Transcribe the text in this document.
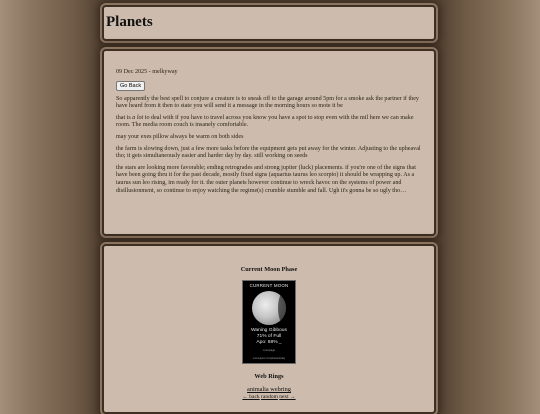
Planets

09 Dec 2025 - melkyway

Go Back

So apparently the best spell to conjure a creature is to sneak off to the garage around 5pm for a smoke ask the partner if they have heard from it then to state you will send it a message in the morning hours so mote it be

that is a lot to deal with if you have to travel across you know you have a spot to stop even with the mil here we can make room. The media room couch is insanely comfortable.

may your exes pillow always be warm on both sides

the farm is slowing down, just a few more tasks before the equipment gets put away for the winter. Adjusting to the upheaval tho; it gets simultaneously easier and harder day by day. still working on seeds

the stars are looking more favorable; ending retrogrades and strong jupiter (luck) placements. if you're one of the signs that have been going thru it for the past decade, mostly fixed signs (aquarius taurus leo scorpio) it should be wrapping up. As a taurus sun leo rising, im ready for it. the outer planets however continue to wreck havoc on the systems of power and disillusionment, so continue to enjoy watching the regime(s) crumble stumble and fall. Ugh it's gonna be so ugly tho…

Current Moon Phase
CURRENT MOON
Waning Gibbous
71% of Full
Apo: 68% _
moonpage
moongiant.com/phase/today
Web Rings
animalia webring
← back random next →
